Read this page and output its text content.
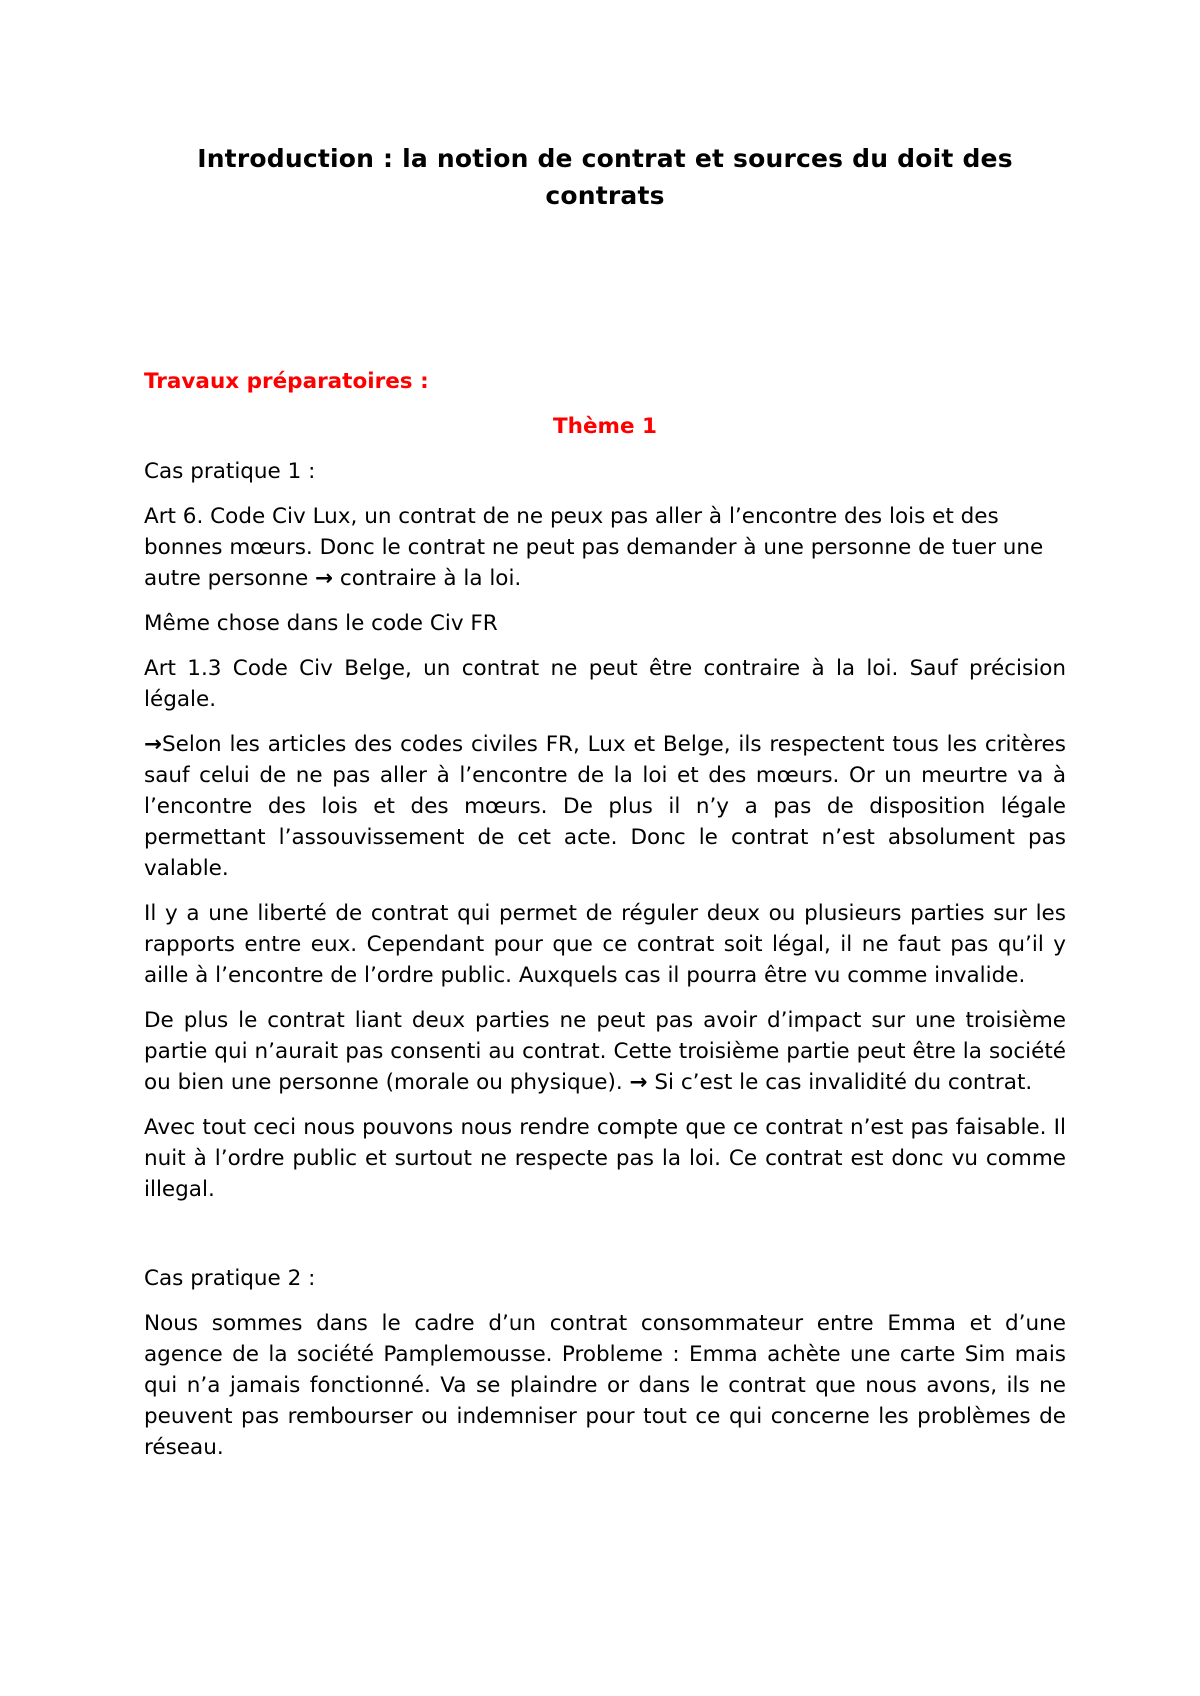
Introduction : la notion de contrat et sources du doit des contrats

Travaux préparatoires :

Thème 1

Cas pratique 1 :

Art 6. Code Civ Lux, un contrat de ne peux pas aller à l’encontre des lois et des bonnes mœurs. Donc le contrat ne peut pas demander à une personne de tuer une autre personne → contraire à la loi.

Même chose dans le code Civ FR

Art 1.3 Code Civ Belge, un contrat ne peut être contraire à la loi. Sauf précision légale.

→Selon les articles des codes civiles FR, Lux et Belge, ils respectent tous les critères sauf celui de ne pas aller à l’encontre de la loi et des mœurs. Or un meurtre va à l’encontre des lois et des mœurs. De plus il n’y a pas de disposition légale permettant l’assouvissement de cet acte. Donc le contrat n’est absolument pas valable.

Il y a une liberté de contrat qui permet de réguler deux ou plusieurs parties sur les rapports entre eux. Cependant pour que ce contrat soit légal, il ne faut pas qu’il y aille à l’encontre de l’ordre public. Auxquels cas il pourra être vu comme invalide.

De plus le contrat liant deux parties ne peut pas avoir d’impact sur une troisième partie qui n’aurait pas consenti au contrat. Cette troisième partie peut être la société ou bien une personne (morale ou physique). → Si c’est le cas invalidité du contrat.

Avec tout ceci nous pouvons nous rendre compte que ce contrat n’est pas faisable. Il nuit à l’ordre public et surtout ne respecte pas la loi. Ce contrat est donc vu comme illegal.

Cas pratique 2 :

Nous sommes dans le cadre d’un contrat consommateur entre Emma et d’une agence de la société Pamplemousse. Probleme : Emma achète une carte Sim mais qui n’a jamais fonctionné. Va se plaindre or dans le contrat que nous avons, ils ne peuvent pas rembourser ou indemniser pour tout ce qui concerne les problèmes de réseau.
